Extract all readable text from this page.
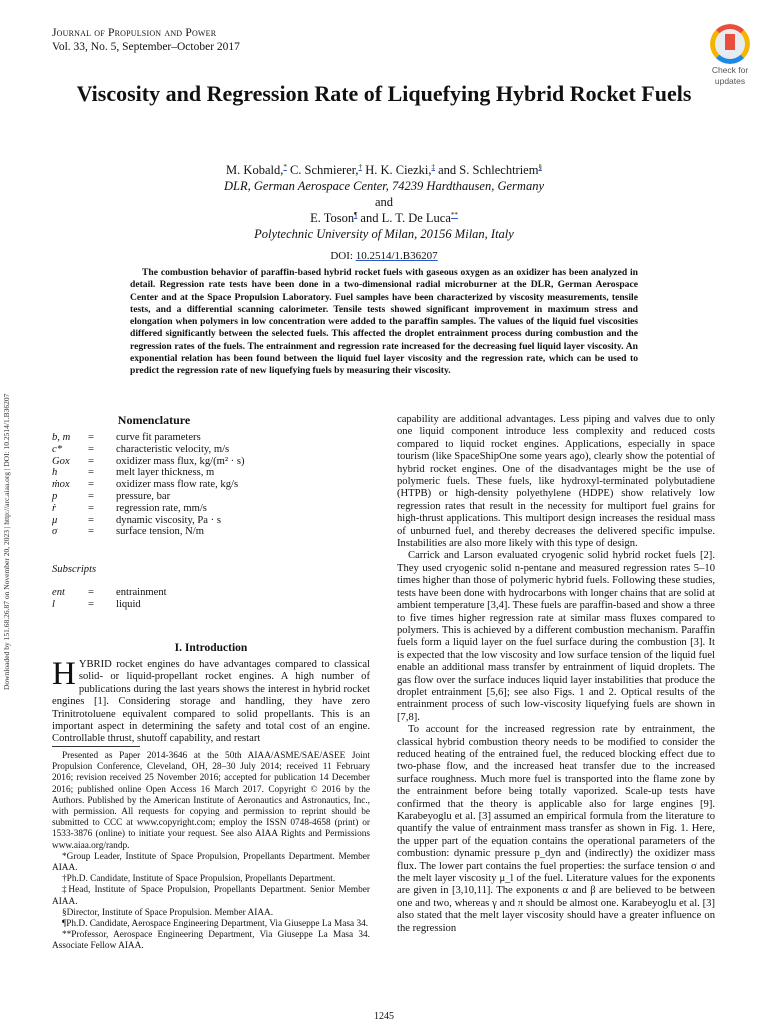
Journal of Propulsion and Power
Vol. 33, No. 5, September–October 2017
Check for
updates
Viscosity and Regression Rate of Liquefying Hybrid Rocket Fuels
M. Kobald,* C. Schmierer,† H. K. Ciezki,‡ and S. Schlechtriem§
DLR, German Aerospace Center, 74239 Hardthausen, Germany
and
E. Toson¶ and L. T. De Luca**
Polytechnic University of Milan, 20156 Milan, Italy
DOI: 10.2514/1.B36207
The combustion behavior of paraffin-based hybrid rocket fuels with gaseous oxygen as an oxidizer has been analyzed in detail. Regression rate tests have been done in a two-dimensional radial microburner at the DLR, German Aerospace Center and at the Space Propulsion Laboratory. Fuel samples have been characterized by viscosity measurements, tensile tests, and a differential scanning calorimeter. Tensile tests showed significant improvement in maximum stress and elongation when polymers in low concentration were added to the paraffin samples. The values of the liquid fuel viscosities differed significantly between the selected fuels. This affected the droplet entrainment process during combustion and the regression rates of the fuels. The entrainment and regression rate increased for the decreasing fuel liquid layer viscosity. An exponential relation has been found between the liquid fuel layer viscosity and the regression rate, which can be used to predict the regression rate of new liquefying fuels by measuring their viscosity.
Downloaded by 151.68.26.87 on November 20, 2023 | http://arc.aiaa.org | DOI: 10.2514/1.B36207	Nomenclature
b, m	=	curve fit parameters
c*	=	characteristic velocity, m/s
Gox	=	oxidizer mass flux, kg/(m² · s)
h	=	melt layer thickness, m
ṁox	=	oxidizer mass flow rate, kg/s
p	=	pressure, bar
ṙ	=	regression rate, mm/s
μ	=	dynamic viscosity, Pa · s
σ	=	surface tension, N/m
Subscripts
ent	=	entrainment
l	=	liquid
I. Introduction
HYBRID rocket engines do have advantages compared to classical solid- or liquid-propellant rocket engines. A high number of publications during the last years shows the interest in hybrid rocket engines [1]. Considering storage and handling, they have zero Trinitrotoluene equivalent compared to solid propellants. This is an important aspect in determining the safety and total cost of an engine. Controllable thrust, shutoff capability, and restart

Presented as Paper 2014-3646 at the 50th AIAA/ASME/SAE/ASEE Joint Propulsion Conference, Cleveland, OH, 28–30 July 2014; received 11 February 2016; revision received 25 November 2016; accepted for publication 14 December 2016; published online Open Access 16 March 2017. Copyright © 2016 by the Authors. Published by the American Institute of Aeronautics and Astronautics, Inc., with permission. All requests for copying and permission to reprint should be submitted to CCC at www.copyright.com; employ the ISSN 0748-4658 (print) or 1533-3876 (online) to initiate your request. See also AIAA Rights and Permissions www.aiaa.org/randp.

*Group Leader, Institute of Space Propulsion, Propellants Department. Member AIAA.

†Ph.D. Candidate, Institute of Space Propulsion, Propellants Department.

‡Head, Institute of Space Propulsion, Propellants Department. Senior Member AIAA.

§Director, Institute of Space Propulsion. Member AIAA.

¶Ph.D. Candidate, Aerospace Engineering Department, Via Giuseppe La Masa 34.

**Professor, Aerospace Engineering Department, Via Giuseppe La Masa 34. Associate Fellow AIAA.

capability are additional advantages. Less piping and valves due to only one liquid component introduce less complexity and reduced costs compared to liquid rocket engines. Applications, especially in space tourism (like SpaceShipOne some years ago), clearly show the potential of hybrid rocket engines. One of the disadvantages might be the use of polymeric fuels. These fuels, like hydroxyl-terminated polybutadiene (HTPB) or high-density polyethylene (HDPE) show relatively low regression rates that result in the necessity for multiport fuel grains for high-thrust applications. This multiport design increases the residual mass of unburned fuel, and thereby decreases the delivered specific impulse. Instabilities are also more likely with this type of design.

Carrick and Larson evaluated cryogenic solid hybrid rocket fuels [2]. They used cryogenic solid n-pentane and measured regression rates 5–10 times higher than those of polymeric hybrid fuels. Following these studies, tests have been done with hydrocarbons with longer chains that are solid at ambient temperature [3,4]. These fuels are paraffin-based and show a three to five times higher regression rate at similar mass fluxes compared to polymers. This is achieved by a different combustion mechanism. Paraffin fuels form a liquid layer on the fuel surface during the combustion [3]. It is expected that the low viscosity and low surface tension of the liquid fuel enable an additional mass transfer by entrainment of liquid droplets. The gas flow over the surface induces liquid layer instabilities that produce the droplet entrainment [5,6]; see also Figs. 1 and 2. Optical results of the entrainment process of such low-viscosity liquefying fuels are shown in [7,8].

To account for the increased regression rate by entrainment, the classical hybrid combustion theory needs to be modified to consider the reduced heating of the entrained fuel, the reduced blocking effect due to two-phase flow, and the increased heat transfer due to the increased surface roughness. Much more fuel is transported into the flame zone by the entrainment before being totally vaporized. Scale-up tests have confirmed that the theory is applicable also for large engines [9]. Karabeyoglu et al. [3] assumed an empirical formula from the literature to quantify the value of entrainment mass transfer as shown in Fig. 1. Here, the upper part of the equation contains the operational parameters of the combustion: dynamic pressure p_dyn and (indirectly) the oxidizer mass flux. The lower part contains the fuel properties: the surface tension σ and the melt layer viscosity μ_l of the fuel. Literature values for the exponents are given in [3,10,11]. The exponents α and β are believed to be between one and two, whereas γ and π should be almost one. Karabeyoglu et al. [3] also stated that the melt layer viscosity should have a greater influence on the regression

1245
